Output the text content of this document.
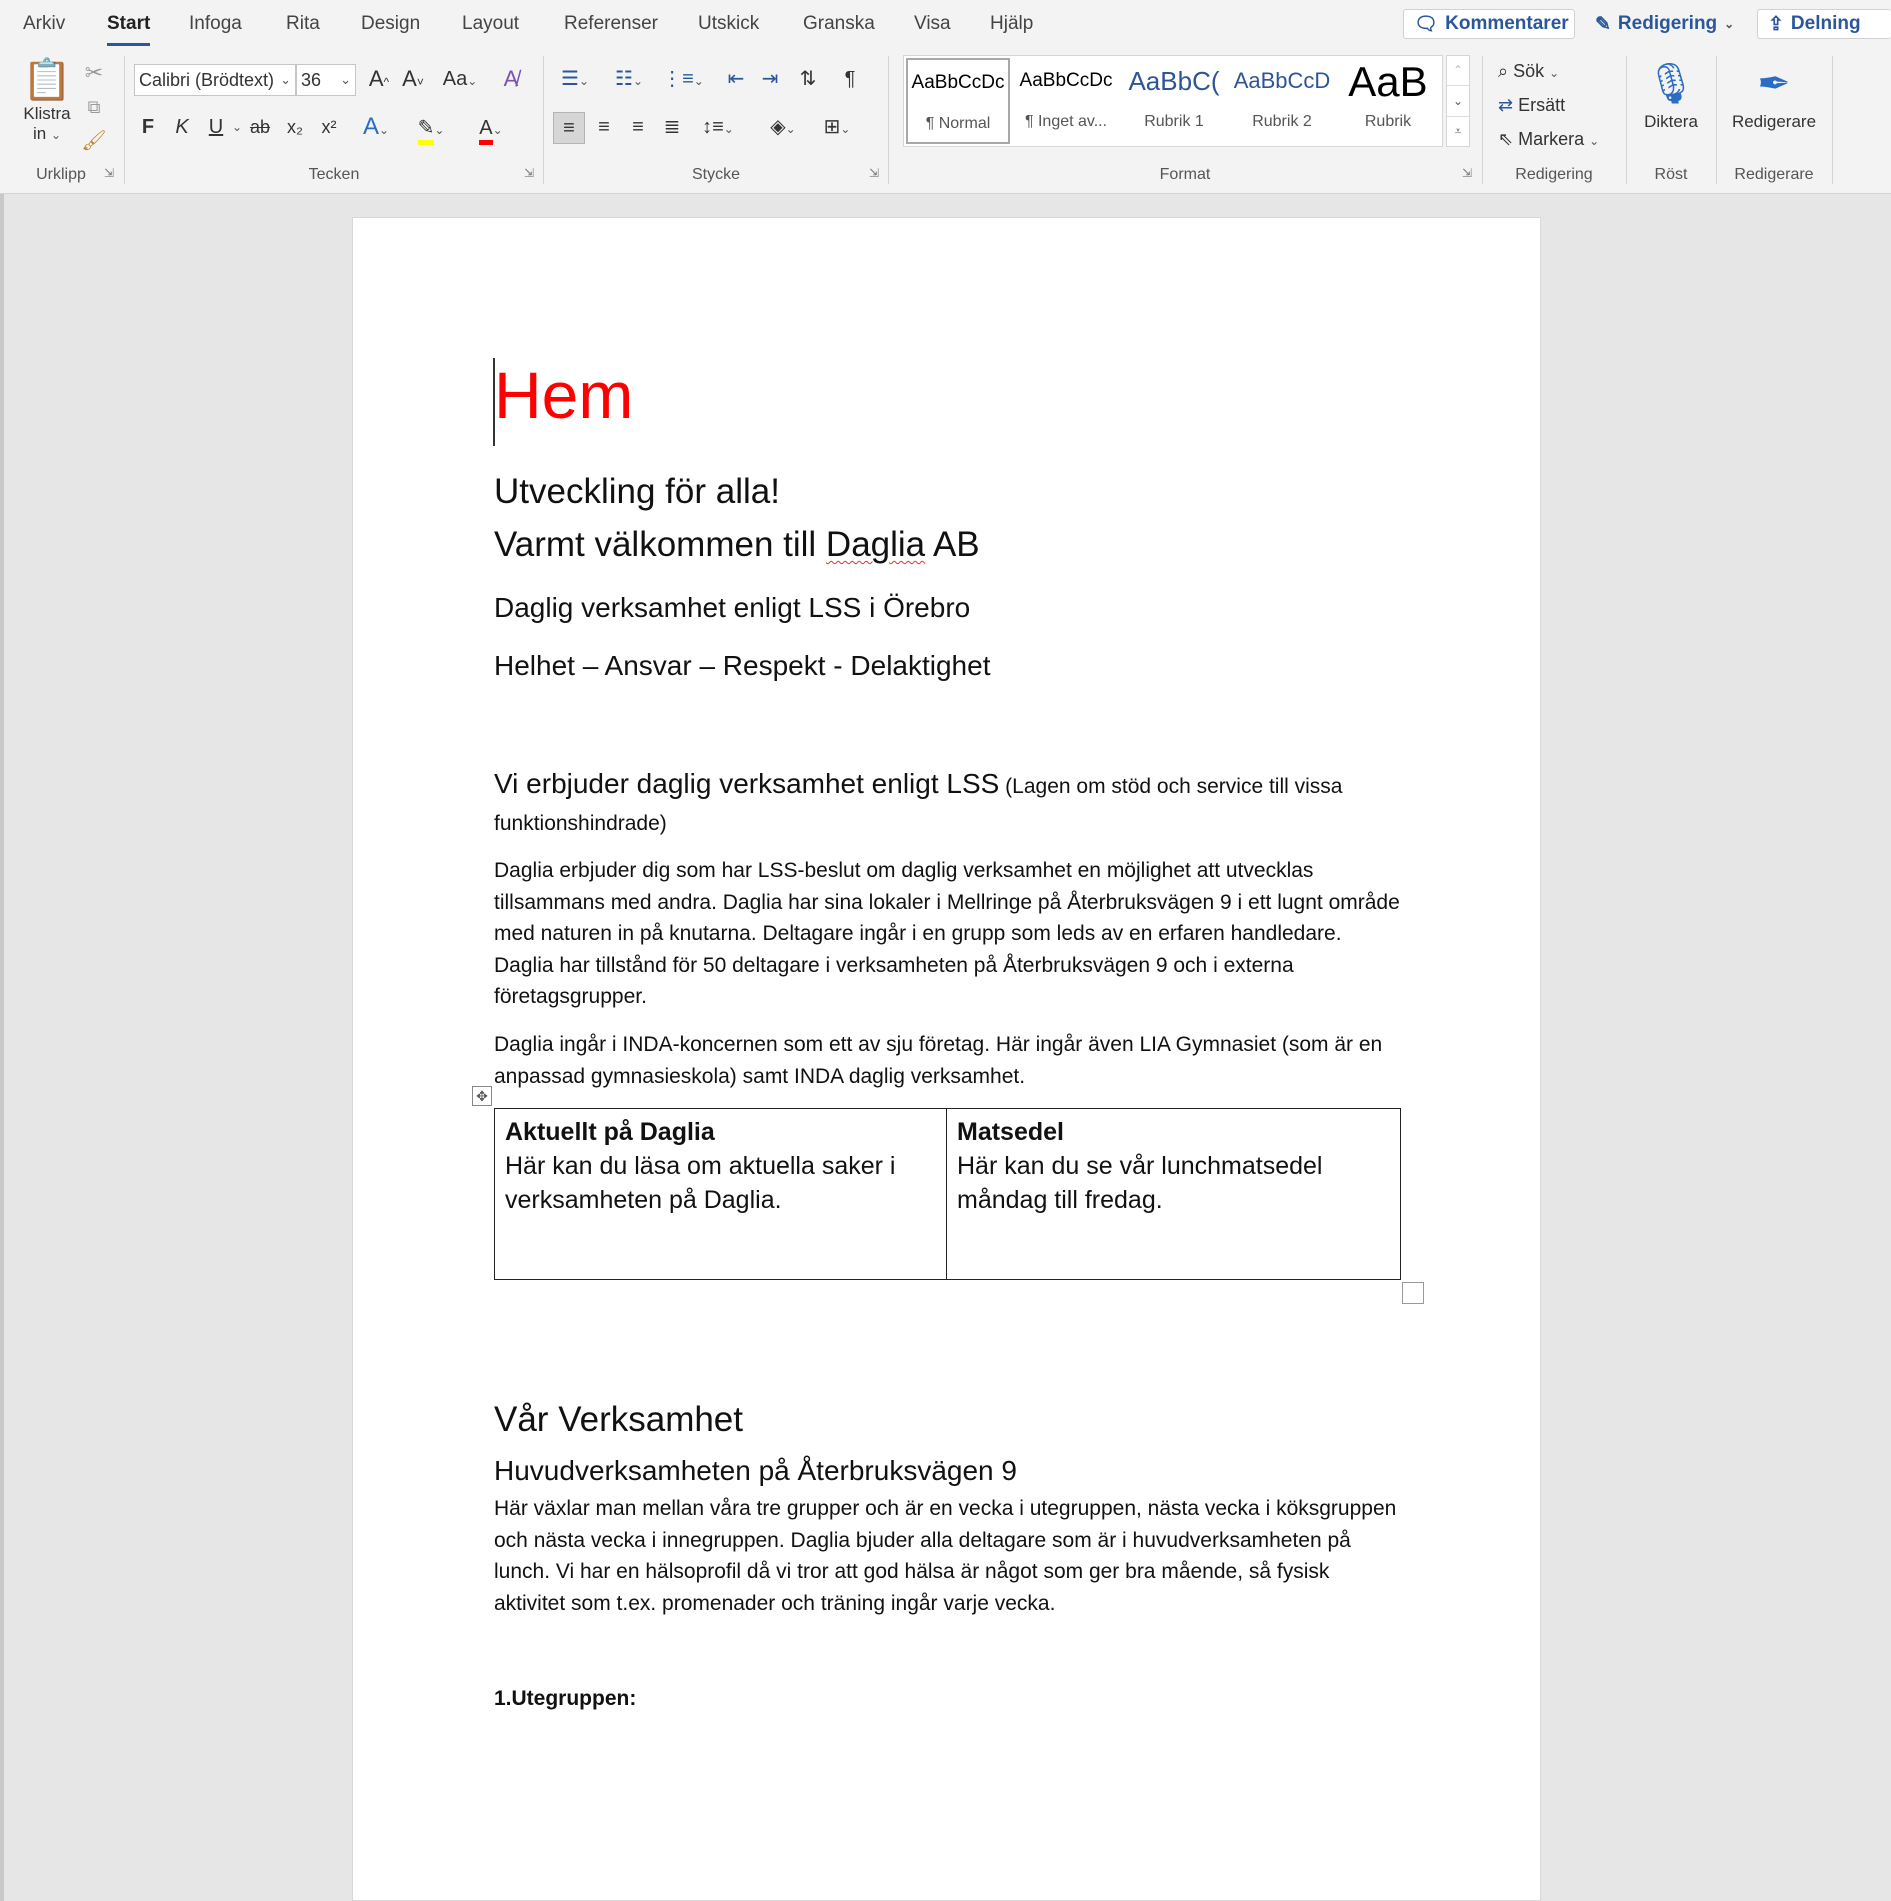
Arkiv Start Infoga Rita Design Layout Referenser Utskick Granska Visa Hjälp	🗨 Kommentarer ✎ Redigering ⌄ ⇪ Delning
📋
Klistra
in ⌄
✂
⧉
🖌
Urklipp	⇲
Calibri (Brödtext) ⌄ 36 ⌄ A^ A˅ Aa⌄	A̸
F	K	U ⌄ ab x₂	x²	A⌄	✎⌄	A⌄
Tecken	⇲
☰⌄	☷⌄ ⋮≡⌄	⇤ ⇥	⇅	¶
≡	≡	≡ ≣	↕≡⌄	◈⌄	⊞⌄
Stycke	⇲
AaBbCcDc
¶ Normal
AaBbCcDc
¶ Inget av...
AaBbC(
Rubrik 1
AaBbCcD
Rubrik 2
AaB
Rubrik
⌃
⌄
⩡
Format	⇲
⌕ Sök ⌄
⇄ Ersätt
⇖ Markera ⌄
Redigering
🎙
Diktera
Röst
✒
Redigerare
Redigerare
Hem
Utveckling för alla!
Varmt välkommen till Daglia AB
Daglig verksamhet enligt LSS i Örebro
Helhet – Ansvar – Respekt - Delaktighet
Vi erbjuder daglig verksamhet enligt LSS (Lagen om stöd och service till vissa funktionshindrade)
Daglia erbjuder dig som har LSS-beslut om daglig verksamhet en möjlighet att utvecklas tillsammans med andra. Daglia har sina lokaler i Mellringe på Återbruksvägen 9 i ett lugnt område med naturen in på knutarna. Deltagare ingår i en grupp som leds av en erfaren handledare. Daglia har tillstånd för 50 deltagare i verksamheten på Återbruksvägen 9 och i externa företagsgrupper.
Daglia ingår i INDA-koncernen som ett av sju företag. Här ingår även LIA Gymnasiet (som är en anpassad gymnasieskola) samt INDA daglig verksamhet.
✥
Aktuellt på Daglia
Här kan du läsa om aktuella saker i verksamheten på Daglia.
Matsedel
Här kan du se vår lunchmatsedel måndag till fredag.
Vår Verksamhet
Huvudverksamheten på Återbruksvägen 9
Här växlar man mellan våra tre grupper och är en vecka i utegruppen, nästa vecka i köksgruppen och nästa vecka i innegruppen. Daglia bjuder alla deltagare som är i huvudverksamheten på lunch. Vi har en hälsoprofil då vi tror att god hälsa är något som ger bra mående, så fysisk aktivitet som t.ex. promenader och träning ingår varje vecka.
1.Utegruppen:
